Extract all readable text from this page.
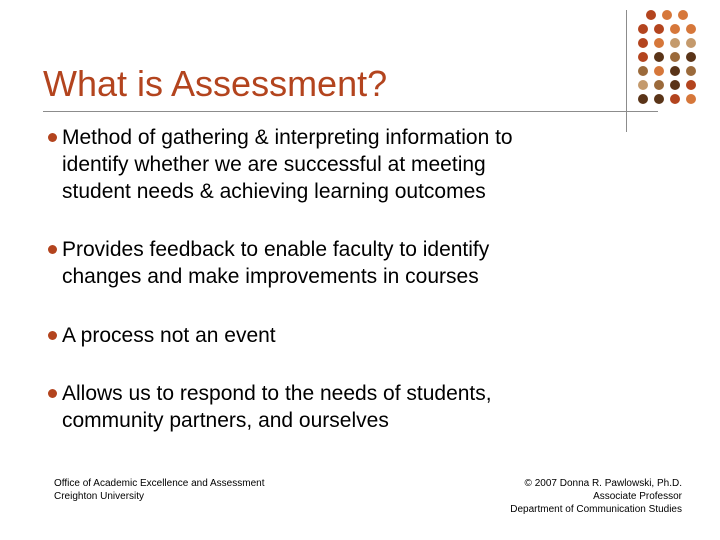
What is Assessment?
Method of gathering & interpreting information to
identify whether we are successful at meeting
student needs & achieving learning outcomes
Provides feedback to enable faculty to identify
changes and make improvements in courses
A process not an event
Allows us to respond to the needs of students,
community partners, and ourselves
Office of Academic Excellence and Assessment
Creighton University
© 2007 Donna R. Pawlowski, Ph.D.
Associate Professor
Department of Communication Studies
